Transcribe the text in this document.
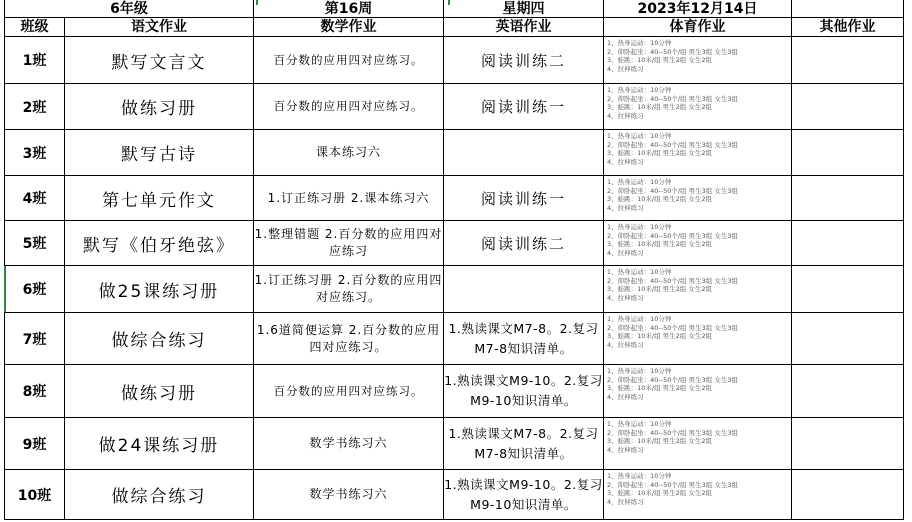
6年级		第16周	星期四	2023年12月14日	
班级	语文作业	数学作业	英语作业	体育作业	其他作业
1班	默写文言文	百分数的应用四对应练习。	阅读训练二	1、热身运动：10分钟
2、仰卧起坐：40--50个/组 男生3组 女生3组
3、蛙跳：10米/组 男生2组 女生2组
4、拉伸练习	

2班	做练习册	百分数的应用四对应练习。	阅读训练一	1、热身运动：10分钟
2、仰卧起坐：40--50个/组 男生3组 女生3组
3、蛙跳：10米/组 男生2组 女生2组
4、拉伸练习	

3班	默写古诗	课本练习六		1、热身运动：10分钟
2、仰卧起坐：40--50个/组 男生3组 女生3组
3、蛙跳：10米/组 男生2组 女生2组
4、拉伸练习	

4班	第七单元作文	1.订正练习册 2.课本练习六	阅读训练一	1、热身运动：10分钟
2、仰卧起坐：40--50个/组 男生3组 女生3组
3、蛙跳：10米/组 男生2组 女生2组
4、拉伸练习	

5班	默写《伯牙绝弦》	1.整理错题 2.百分数的应用四对应练习	阅读训练二	1、热身运动：10分钟
2、仰卧起坐：40--50个/组 男生3组 女生3组
3、蛙跳：10米/组 男生2组 女生2组
4、拉伸练习	

6班	做25课练习册	1.订正练习册 2.百分数的应用四对应练习。		1、热身运动：10分钟
2、仰卧起坐：40--50个/组 男生3组 女生3组
3、蛙跳：10米/组 男生2组 女生2组
4、拉伸练习	

7班	做综合练习	1.6道简便运算 2.百分数的应用四对应练习。	1.熟读课文M7-8。2.复习M7-8知识清单。	1、热身运动：10分钟
2、仰卧起坐：40--50个/组 男生3组 女生3组
3、蛙跳：10米/组 男生2组 女生2组
4、拉伸练习	

8班	做练习册	百分数的应用四对应练习。	1.熟读课文M9-10。2.复习M9-10知识清单。	1、热身运动：10分钟
2、仰卧起坐：40--50个/组 男生3组 女生3组
3、蛙跳：10米/组 男生2组 女生2组
4、拉伸练习	

9班	做24课练习册	数学书练习六	1.熟读课文M7-8。2.复习M7-8知识清单。	1、热身运动：10分钟
2、仰卧起坐：40--50个/组 男生3组 女生3组
3、蛙跳：10米/组 男生2组 女生2组
4、拉伸练习	

10班	做综合练习	数学书练习六	1.熟读课文M9-10。2.复习M9-10知识清单。	1、热身运动：10分钟
2、仰卧起坐：40--50个/组 男生3组 女生3组
3、蛙跳：10米/组 男生2组 女生2组
4、拉伸练习	
